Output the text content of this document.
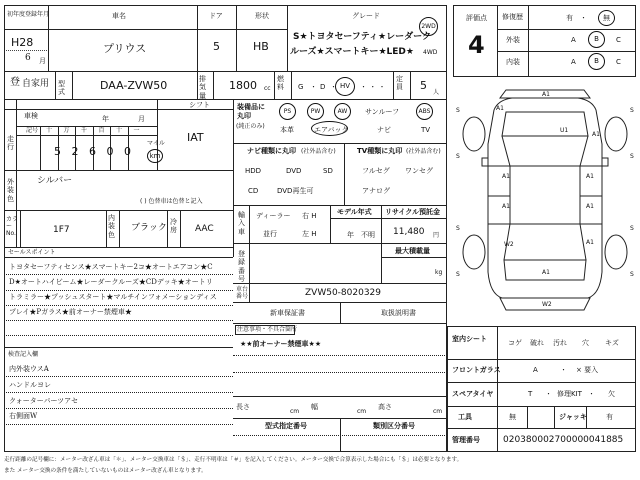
初年度登録年月
H28
6 月
車名
プリウス
ドア
5
形状
HB
グレード
S★トヨタセーフティ★レーダーク
ルーズ★スマートキー★LED★
2WD
4WD
登 自家用 型式	DAA-ZVW50	排気量
1800 cc
燃料	G ・ D ・ HV ・ ・ ・
定員	5
人
車検	年	月
シフト
IAT
走行
記号 十 万 千 百 十 一
5 2 6 0 0
マイル
km
外装色
シルバー
( ) 色替車は色替と記入
カラーNo.	1F7
内装色
ブラック
冷房 AAC
セールスポイント
トヨタセーフティセンス★スマートキー2コ★オートエアコン★C
D★オートハイビーム★レーダークルーズ★CDデッキ★オートリ
トラミラー★プッシュスタート★マルチインフォメーションディス
プレイ★Pガラス★前オーナー禁煙車★
検査記入欄
内外装ウスA
ハンドルヨレ
クォーターパーツアセ
右側面W
装備品に丸印
(純正のみ)
PS	PW	AW	サンルーフ	ABS
本革	エアバック	ナビ	TV
ナビ種類に丸印 (社外品含む)
HDD	DVD	SD
CD	DVD再生可
TV種類に丸印 (社外品含む)
フルセグ ワンセグ
アナログ
輸入車
ディーラー
並行
右 H
左 H
モデル年式
年　不明
リサイクル預託金
11,480 円
登録番号
最大積載量
kg
車台番号	ZVW50-8020329
新車保証書	取扱説明書
注意事項・不具合箇所
★★前オーナー禁煙車★★
長さ
cm
幅
cm
高さ
cm
型式指定番号	類別区分番号
評価点
4
修復歴	有 ・ 無
外装	A	B C
内装	A	B C
A1
A1
U1
A1
A1
A1
A1
A1
W2	A1
A1
W2
S	S
S	S
S	S
S	S
室内シート	コゲ 破れ 汚れ 穴 キズ
フロントガラス	A	・ × 要入
スペアタイヤ	T ・ 修理KIT ・ 欠
工具	無	ジャッキ	有
管理番号	020380002700000041885
走行距離の記号欄に：メーター改ざん車は「＊」、メーター交換車は「＄」、走行不明車は「＃」を記入してください。メーター交換で合算表示した場合にも「＄」は必要となります。
また メーター交換の条件を満たしていないものはメーター改ざん車となります。
